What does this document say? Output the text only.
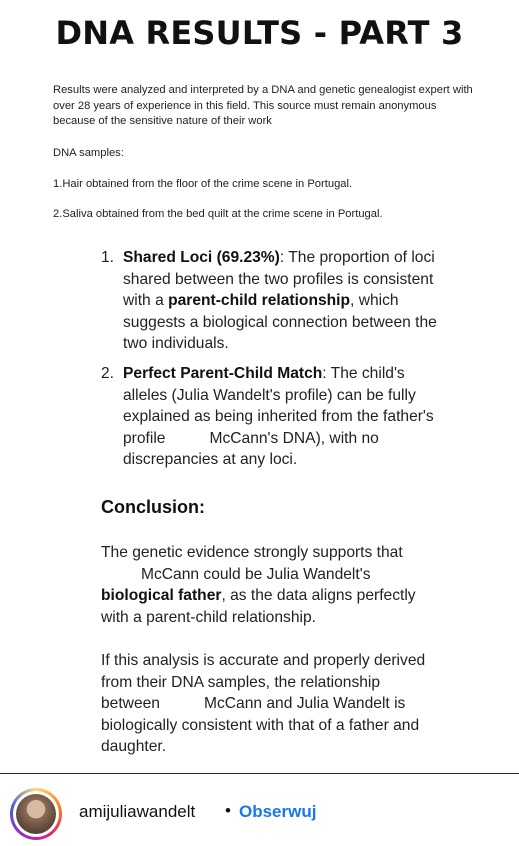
DNA RESULTS - PART 3
Results were analyzed and interpreted by a DNA and genetic genealogist expert with over 28 years of experience in this field. This source must remain anonymous because of the sensitive nature of their work
DNA samples:
1.Hair obtained from the floor of the crime scene in Portugal.
2.Saliva obtained from the bed quilt at the crime scene in Portugal.
1. Shared Loci (69.23%): The proportion of loci shared between the two profiles is consistent with a parent-child relationship, which suggests a biological connection between the two individuals.
2. Perfect Parent-Child Match: The child's alleles (Julia Wandelt's profile) can be fully explained as being inherited from the father's profile	McCann's DNA), with no discrepancies at any loci.
Conclusion:
The genetic evidence strongly supports that
McCann could be Julia Wandelt's biological father, as the data aligns perfectly with a parent-child relationship.
If this analysis is accurate and properly derived from their DNA samples, the relationship between	McCann and Julia Wandelt is biologically consistent with that of a father and daughter.
amijuliawandelt • Obserwuj
